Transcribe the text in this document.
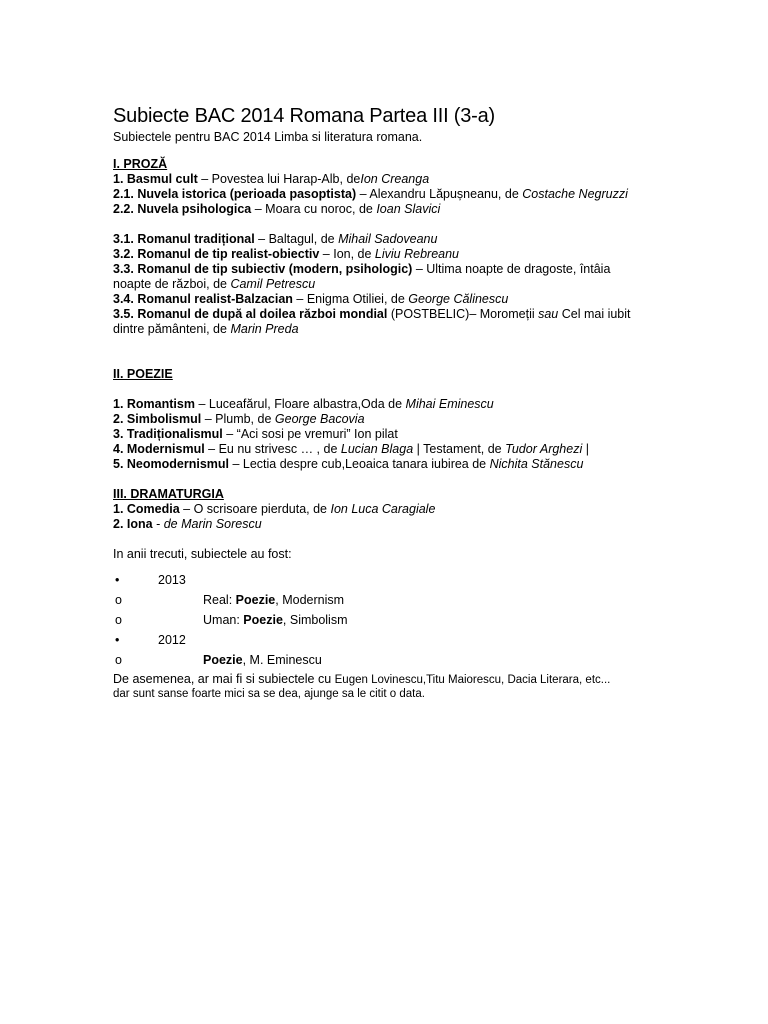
Subiecte BAC 2014 Romana Partea III (3-a)

Subiectele pentru BAC 2014 Limba si literatura romana.

I. PROZĂ
1. Basmul cult – Povestea lui Harap-Alb, deIon Creanga
2.1. Nuvela istorica (perioada pasoptista) – Alexandru Lăpușneanu, de Costache Negruzzi
2.2. Nuvela psihologica – Moara cu noroc, de Ioan Slavici
3.1. Romanul tradițional – Baltagul, de Mihail Sadoveanu
3.2. Romanul de tip realist-obiectiv – Ion, de Liviu Rebreanu
3.3. Romanul de tip subiectiv (modern, psihologic) – Ultima noapte de dragoste, întâia noapte de război, de Camil Petrescu
3.4. Romanul realist-Balzacian – Enigma Otiliei, de George Călinescu
3.5. Romanul de după al doilea război mondial (POSTBELIC)– Moromeții sau Cel mai iubit dintre pământeni, de Marin Preda
II. POEZIE
1. Romantism – Luceafărul, Floare albastra,Oda de Mihai Eminescu
2. Simbolismul – Plumb, de George Bacovia
3. Tradiționalismul – “Aci sosi pe vremuri” Ion pilat
4. Modernismul – Eu nu strivesc … , de Lucian Blaga | Testament, de Tudor Arghezi |
5. Neomodernismul – Lectia despre cub,Leoaica tanara iubirea de Nichita Stănescu
III. DRAMATURGIA
1. Comedia – O scrisoare pierduta, de Ion Luca Caragiale
2. Iona - de Marin Sorescu
In anii trecuti, subiectele au fost:
•	2013
o	Real: Poezie, Modernism
o	Uman: Poezie, Simbolism
•	2012
o	Poezie, M. Eminescu
De asemenea, ar mai fi si subiectele cu Eugen Lovinescu,Titu Maiorescu, Dacia Literara, etc... dar sunt sanse foarte mici sa se dea, ajunge sa le citit o data.
